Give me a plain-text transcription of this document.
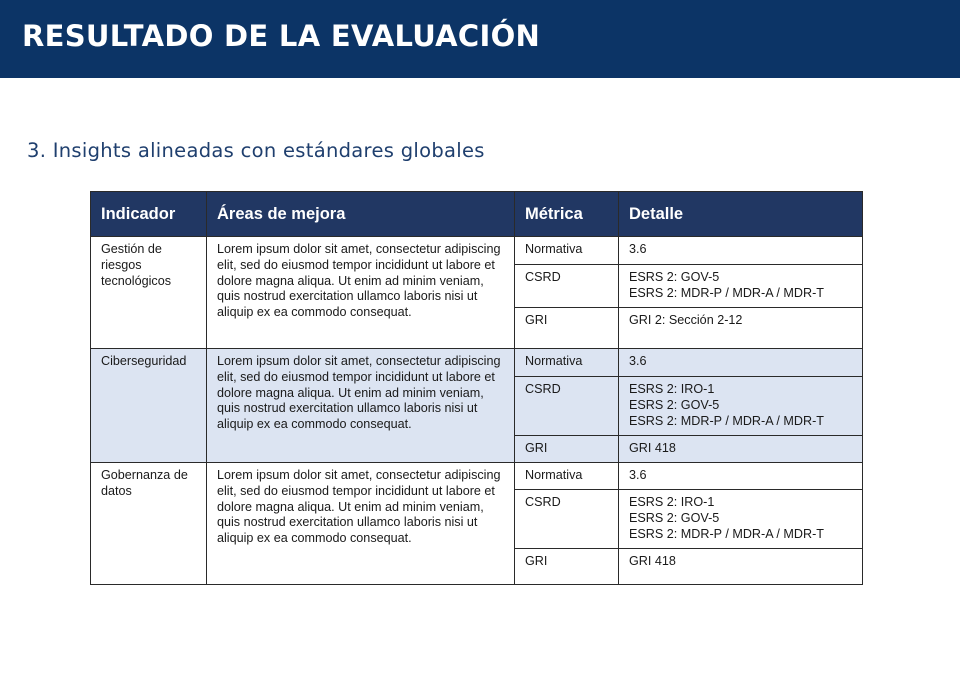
RESULTADO DE LA EVALUACIÓN
3. Insights alineadas con estándares globales
Indicador	Áreas de mejora	Métrica	Detalle
Gestión de riesgos tecnológicos	Lorem ipsum dolor sit amet, consectetur adipiscing elit, sed do eiusmod tempor incididunt ut labore et dolore magna aliqua. Ut enim ad minim veniam, quis nostrud exercitation ullamco laboris nisi ut aliquip ex ea commodo consequat.	Normativa	3.6

		CSRD	ESRS 2: GOV-5
ESRS 2: MDR-P / MDR-A / MDR-T

		GRI	GRI 2: Sección 2-12

Ciberseguridad	Lorem ipsum dolor sit amet, consectetur adipiscing elit, sed do eiusmod tempor incididunt ut labore et dolore magna aliqua. Ut enim ad minim veniam, quis nostrud exercitation ullamco laboris nisi ut aliquip ex ea commodo consequat.	Normativa	3.6

		CSRD	ESRS 2: IRO-1
ESRS 2: GOV-5
ESRS 2: MDR-P / MDR-A / MDR-T

		GRI	GRI 418

Gobernanza de datos	Lorem ipsum dolor sit amet, consectetur adipiscing elit, sed do eiusmod tempor incididunt ut labore et dolore magna aliqua. Ut enim ad minim veniam, quis nostrud exercitation ullamco laboris nisi ut aliquip ex ea commodo consequat.	Normativa	3.6

		CSRD	ESRS 2: IRO-1
ESRS 2: GOV-5
ESRS 2: MDR-P / MDR-A / MDR-T

		GRI	GRI 418
